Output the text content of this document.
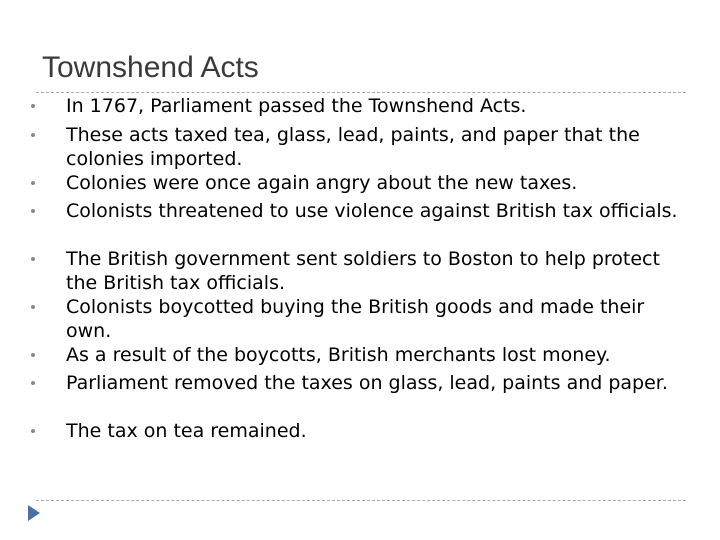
Townshend Acts
In 1767, Parliament passed the Townshend Acts.
These acts taxed tea, glass, lead, paints, and paper that the colonies imported.
Colonies were once again angry about the new taxes.
Colonists threatened to use violence against British tax officials.
The British government sent soldiers to Boston to help protect the British tax officials.
Colonists boycotted buying the British goods and made their own.
As a result of the boycotts, British merchants lost money.
Parliament removed the taxes on glass, lead, paints and paper.
The tax on tea remained.
